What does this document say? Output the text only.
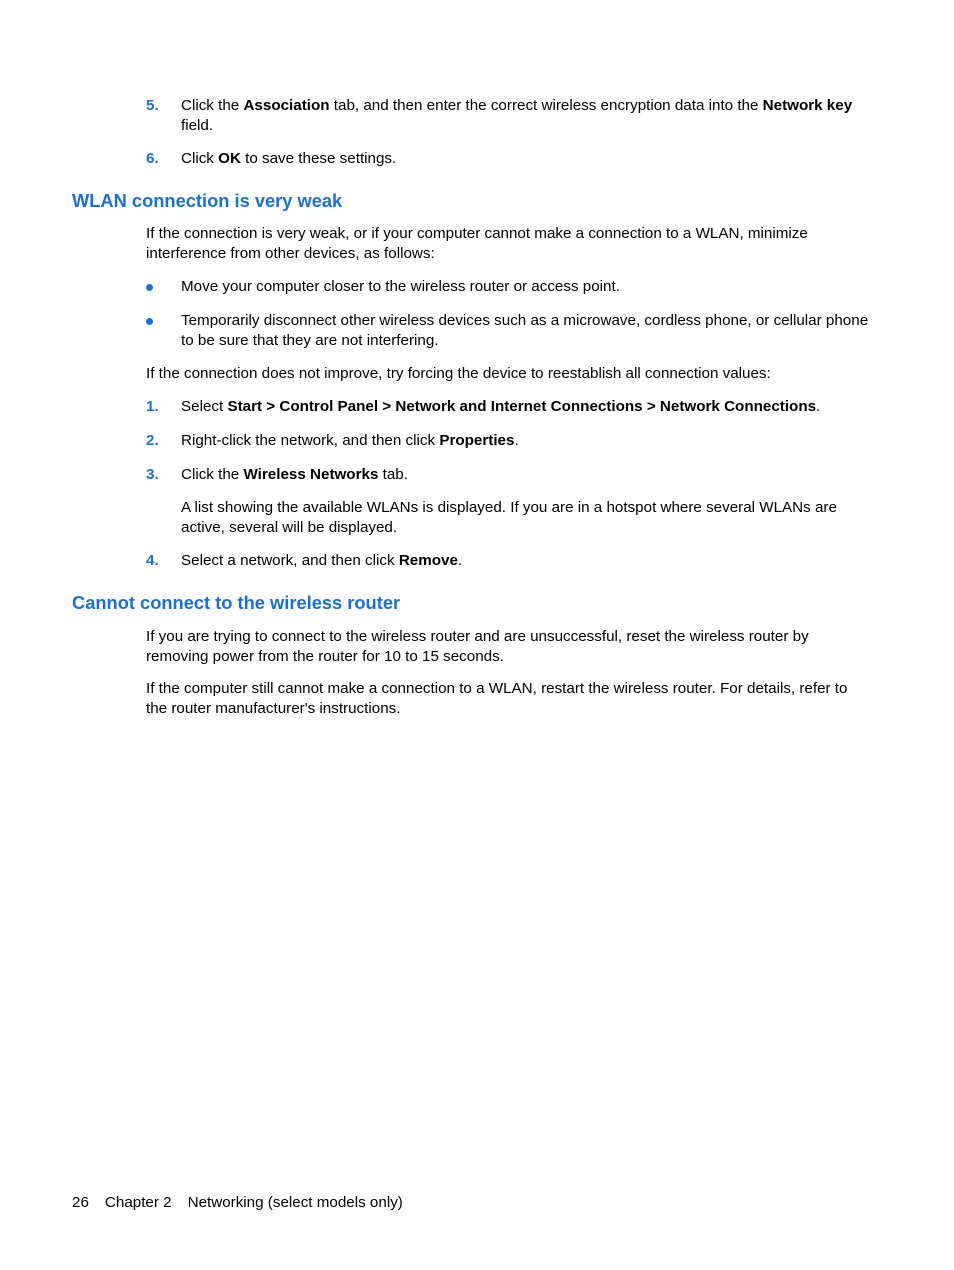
5. Click the Association tab, and then enter the correct wireless encryption data into the Network key field.
6. Click OK to save these settings.
WLAN connection is very weak
If the connection is very weak, or if your computer cannot make a connection to a WLAN, minimize interference from other devices, as follows:
Move your computer closer to the wireless router or access point.
Temporarily disconnect other wireless devices such as a microwave, cordless phone, or cellular phone to be sure that they are not interfering.
If the connection does not improve, try forcing the device to reestablish all connection values:
1. Select Start > Control Panel > Network and Internet Connections > Network Connections.
2. Right-click the network, and then click Properties.
3. Click the Wireless Networks tab.
A list showing the available WLANs is displayed. If you are in a hotspot where several WLANs are active, several will be displayed.
4. Select a network, and then click Remove.
Cannot connect to the wireless router
If you are trying to connect to the wireless router and are unsuccessful, reset the wireless router by removing power from the router for 10 to 15 seconds.
If the computer still cannot make a connection to a WLAN, restart the wireless router. For details, refer to the router manufacturer's instructions.
26 Chapter 2 Networking (select models only)
